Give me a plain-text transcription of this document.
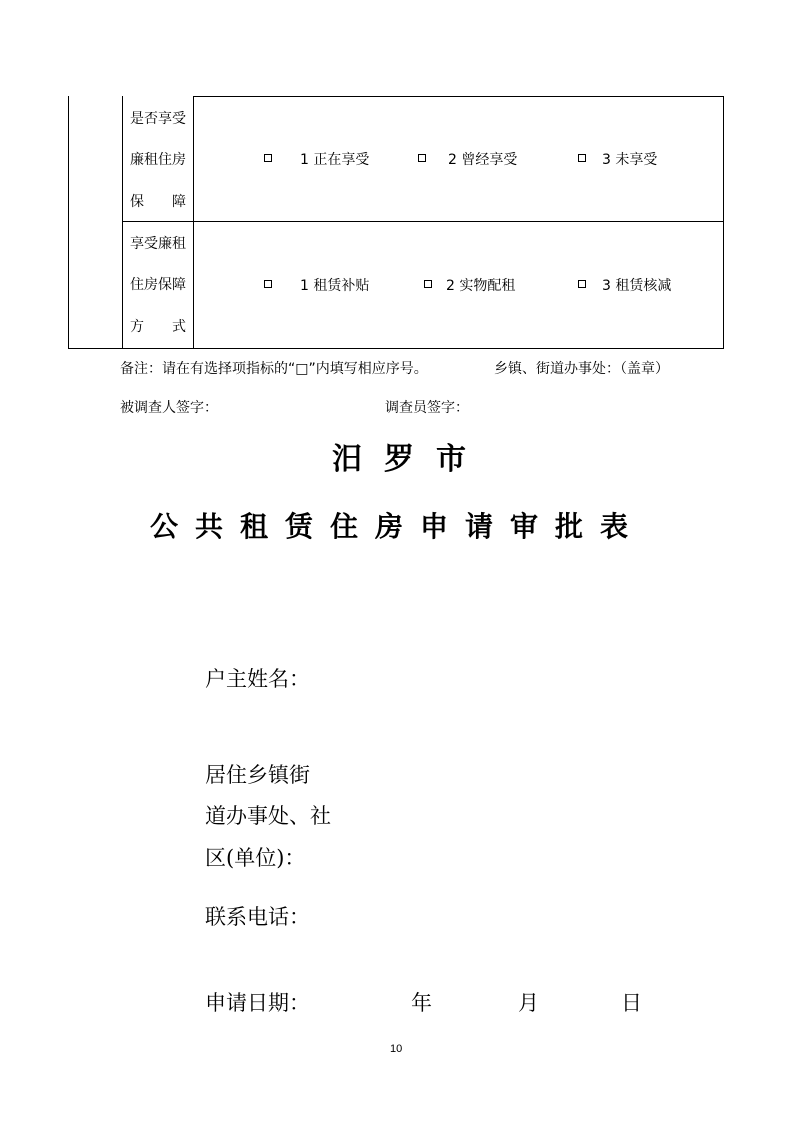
是否享受
廉租住房
保　　障
1 正在享受	2 曾经享受	3 未享受
享受廉租
住房保障
方　　式
1 租赁补贴	2 实物配租	3 租赁核减
备注：请在有选择项指标的“□”内填写相应序号。	乡镇、街道办事处：（盖章）
被调查人签字：	调查员签字：
汨罗市
公共租赁住房申请审批表
户主姓名：
居住乡镇街
道办事处、社
区(单位)：
联系电话：
申请日期：	年	月	日
10
